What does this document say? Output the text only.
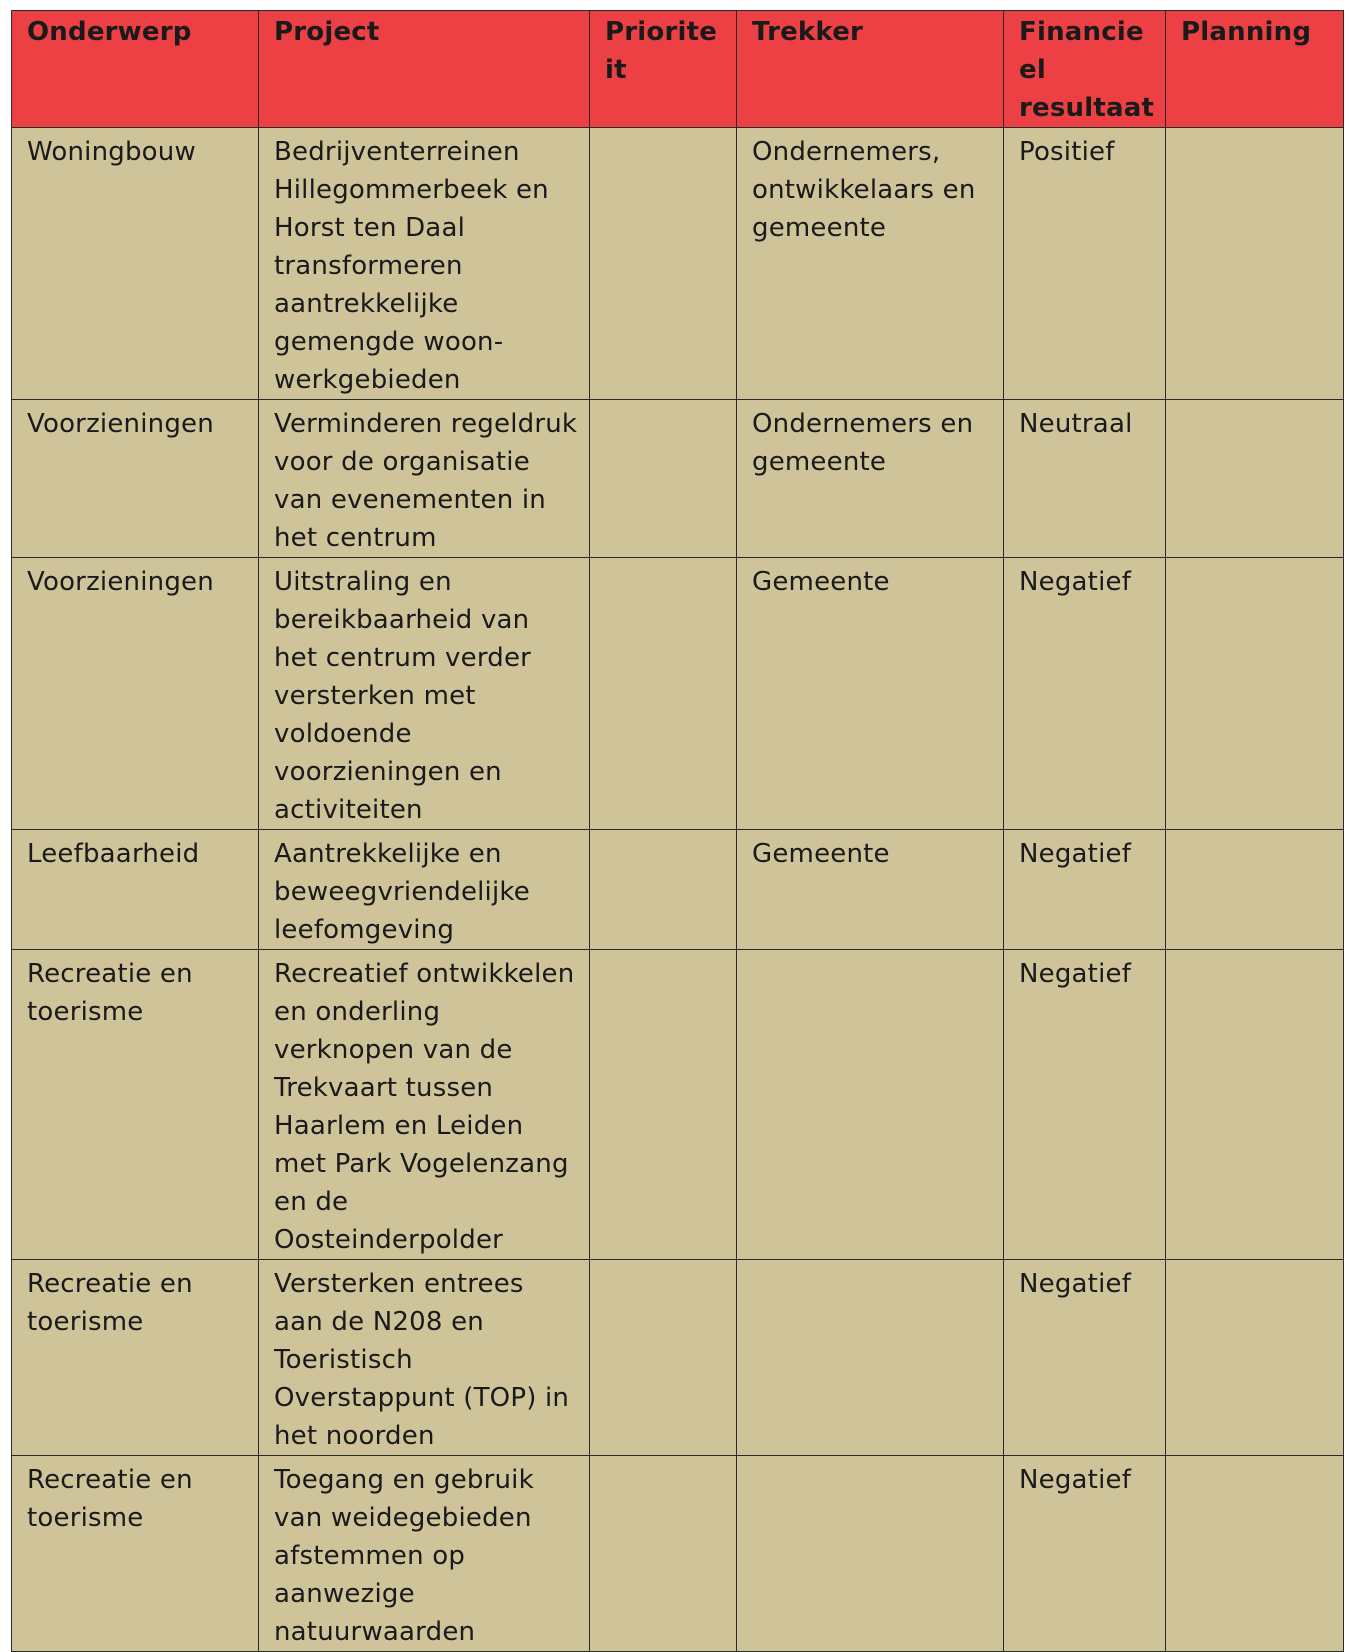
Onderwerp	Project	Prioriteit	Trekker	Financieel resultaat	Planning
Woningbouw	Bedrijventerreinen Hillegommerbeek en Horst ten Daal transformeren aantrekkelijke gemengde woon-werkgebieden		Ondernemers, ontwikkelaars en gemeente	Positief	
Voorzieningen	Verminderen regeldruk voor de organisatie van evenementen in het centrum		Ondernemers en gemeente	Neutraal	
Voorzieningen	Uitstraling en bereikbaarheid van het centrum verder versterken met voldoende voorzieningen en activiteiten		Gemeente	Negatief	
Leefbaarheid	Aantrekkelijke en beweegvriendelijke leefomgeving		Gemeente	Negatief	
Recreatie en toerisme	Recreatief ontwikkelen en onderling verknopen van de Trekvaart tussen Haarlem en Leiden met Park Vogelenzang en de Oosteinderpolder			Negatief	
Recreatie en toerisme	Versterken entrees aan de N208 en Toeristisch Overstappunt (TOP) in het noorden			Negatief	
Recreatie en toerisme	Toegang en gebruik van weidegebieden afstemmen op aanwezige natuurwaarden			Negatief	
